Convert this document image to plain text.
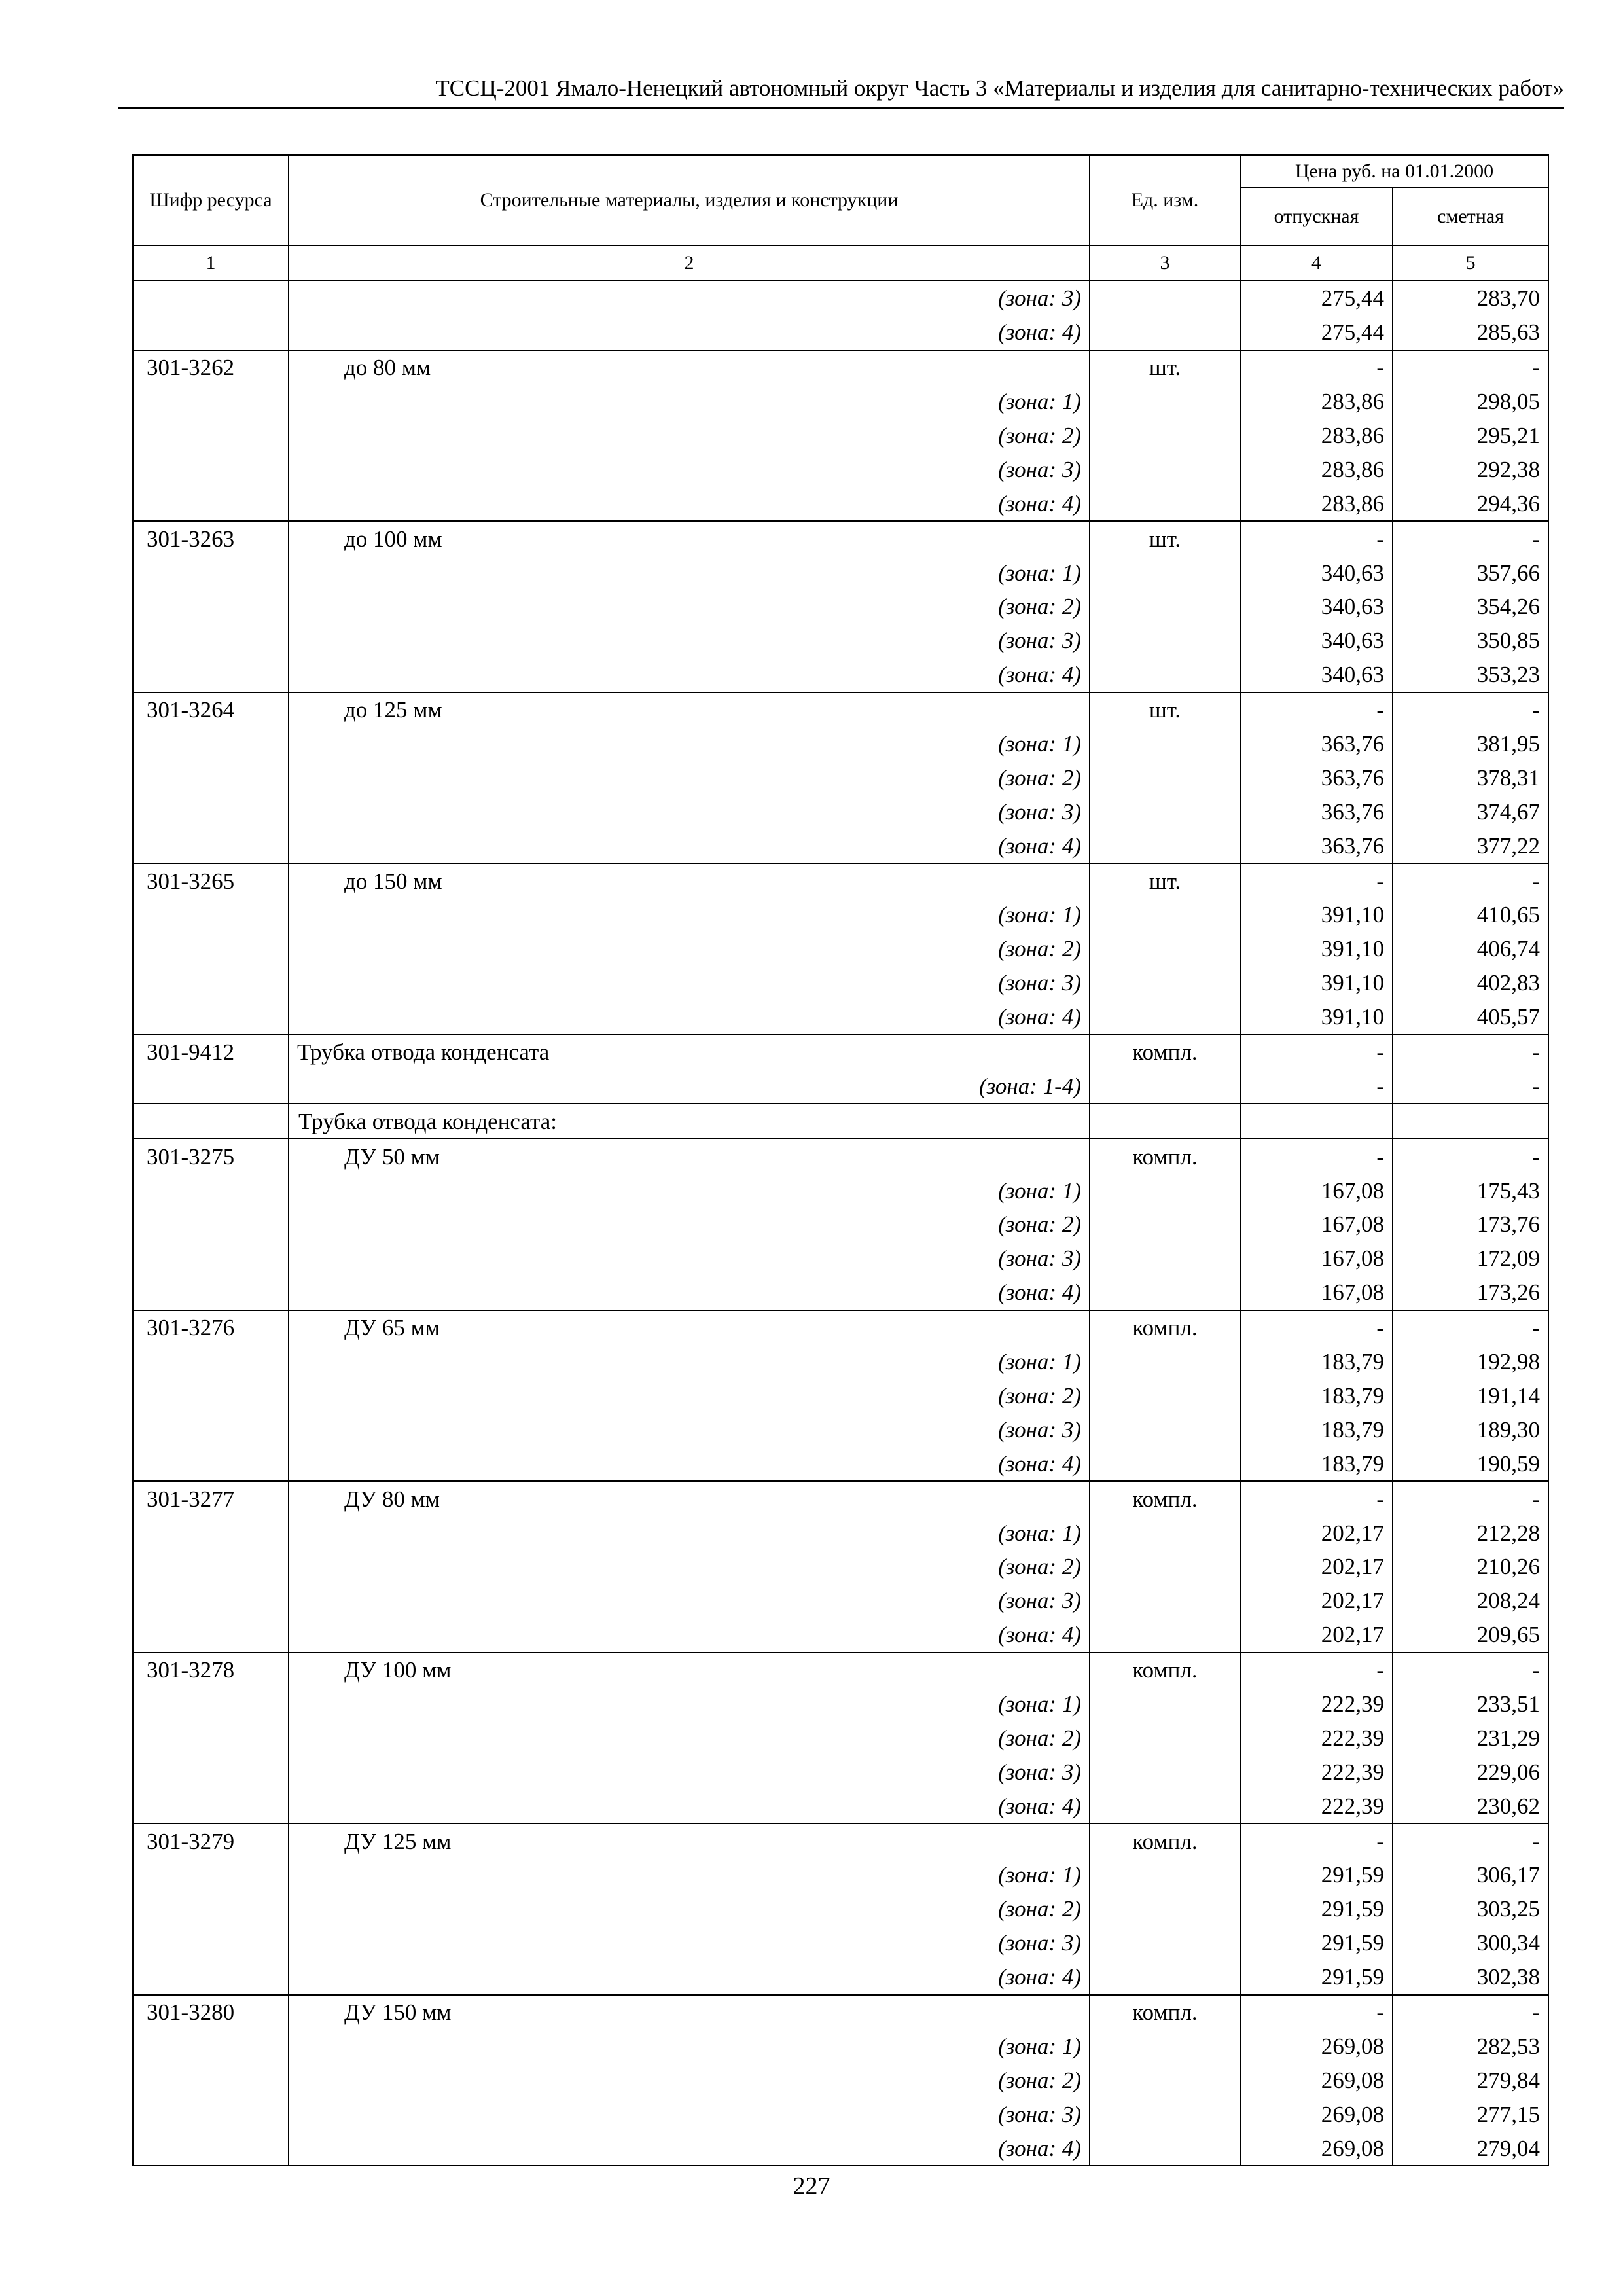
ТССЦ-2001 Ямало-Ненецкий автономный округ Часть 3 «Материалы и изделия для санитарно-технических работ»
Шифр ресурса	Строительные материалы, изделия и конструкции	Ед. изм.	Цена руб. на 01.01.2000	
			отпускная	сметная
1	2	3	4	5
	(зона: 3)		275,44	283,70
	(зона: 4)		275,44	285,63
301-3262	до 80 мм	шт.	-	-
	(зона: 1)		283,86	298,05
	(зона: 2)		283,86	295,21
	(зона: 3)		283,86	292,38
	(зона: 4)		283,86	294,36
301-3263	до 100 мм	шт.	-	-
	(зона: 1)		340,63	357,66
	(зона: 2)		340,63	354,26
	(зона: 3)		340,63	350,85
	(зона: 4)		340,63	353,23
301-3264	до 125 мм	шт.	-	-
	(зона: 1)		363,76	381,95
	(зона: 2)		363,76	378,31
	(зона: 3)		363,76	374,67
	(зона: 4)		363,76	377,22
301-3265	до 150 мм	шт.	-	-
	(зона: 1)		391,10	410,65
	(зона: 2)		391,10	406,74
	(зона: 3)		391,10	402,83
	(зона: 4)		391,10	405,57
301-9412	Трубка отвода конденсата	компл.	-	-
	(зона: 1-4)		-	-
	Трубка отвода конденсата:			
301-3275	ДУ 50 мм	компл.	-	-
	(зона: 1)		167,08	175,43
	(зона: 2)		167,08	173,76
	(зона: 3)		167,08	172,09
	(зона: 4)		167,08	173,26
301-3276	ДУ 65 мм	компл.	-	-
	(зона: 1)		183,79	192,98
	(зона: 2)		183,79	191,14
	(зона: 3)		183,79	189,30
	(зона: 4)		183,79	190,59
301-3277	ДУ 80 мм	компл.	-	-
	(зона: 1)		202,17	212,28
	(зона: 2)		202,17	210,26
	(зона: 3)		202,17	208,24
	(зона: 4)		202,17	209,65
301-3278	ДУ 100 мм	компл.	-	-
	(зона: 1)		222,39	233,51
	(зона: 2)		222,39	231,29
	(зона: 3)		222,39	229,06
	(зона: 4)		222,39	230,62
301-3279	ДУ 125 мм	компл.	-	-
	(зона: 1)		291,59	306,17
	(зона: 2)		291,59	303,25
	(зона: 3)		291,59	300,34
	(зона: 4)		291,59	302,38
301-3280	ДУ 150 мм	компл.	-	-
	(зона: 1)		269,08	282,53
	(зона: 2)		269,08	279,84
	(зона: 3)		269,08	277,15
	(зона: 4)		269,08	279,04
227
